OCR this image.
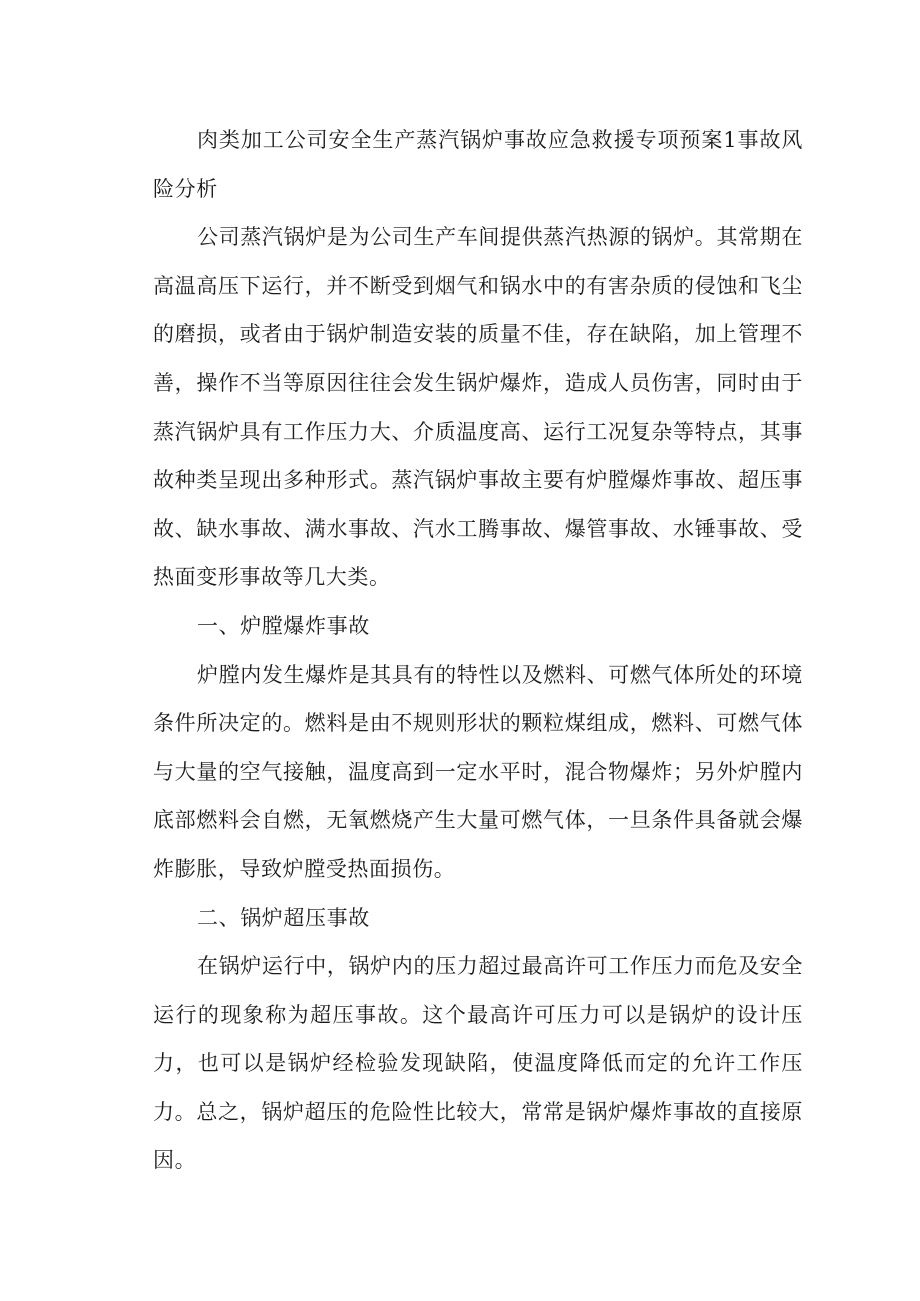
肉类加工公司安全生产蒸汽锅炉事故应急救援专项预案1事故风险分析

公司蒸汽锅炉是为公司生产车间提供蒸汽热源的锅炉。其常期在高温高压下运行，并不断受到烟气和锅水中的有害杂质的侵蚀和飞尘的磨损，或者由于锅炉制造安装的质量不佳，存在缺陷，加上管理不善，操作不当等原因往往会发生锅炉爆炸，造成人员伤害，同时由于蒸汽锅炉具有工作压力大、介质温度高、运行工况复杂等特点，其事故种类呈现出多种形式。蒸汽锅炉事故主要有炉膛爆炸事故、超压事故、缺水事故、满水事故、汽水工腾事故、爆管事故、水锤事故、受热面变形事故等几大类。

一、炉膛爆炸事故

炉膛内发生爆炸是其具有的特性以及燃料、可燃气体所处的环境条件所决定的。燃料是由不规则形状的颗粒煤组成，燃料、可燃气体与大量的空气接触，温度高到一定水平时，混合物爆炸；另外炉膛内底部燃料会自燃，无氧燃烧产生大量可燃气体，一旦条件具备就会爆炸膨胀，导致炉膛受热面损伤。

二、锅炉超压事故

在锅炉运行中，锅炉内的压力超过最高许可工作压力而危及安全运行的现象称为超压事故。这个最高许可压力可以是锅炉的设计压力，也可以是锅炉经检验发现缺陷，使温度降低而定的允许工作压力。总之，锅炉超压的危险性比较大，常常是锅炉爆炸事故的直接原因。
